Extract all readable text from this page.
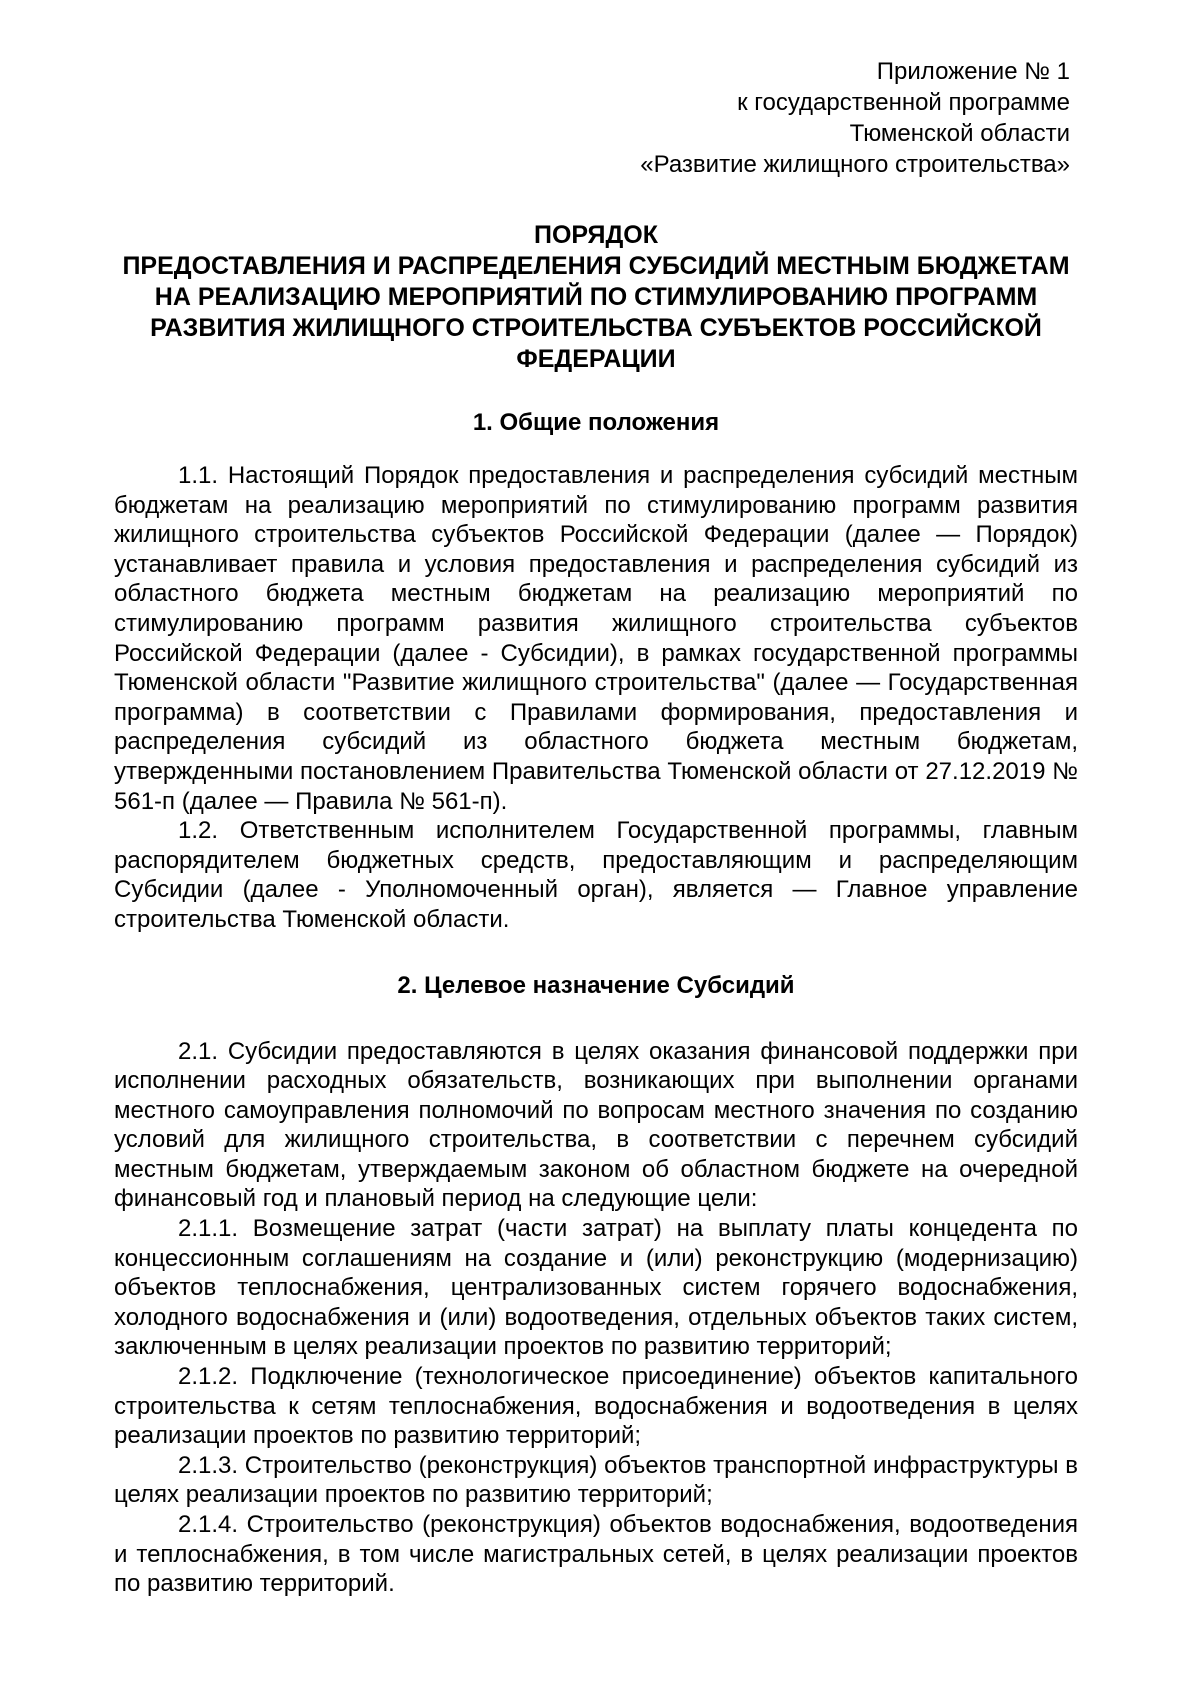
Приложение № 1
к государственной программе
Тюменской области
«Развитие жилищного строительства»
ПОРЯДОК
ПРЕДОСТАВЛЕНИЯ И РАСПРЕДЕЛЕНИЯ СУБСИДИЙ МЕСТНЫМ БЮДЖЕТАМ
НА РЕАЛИЗАЦИЮ МЕРОПРИЯТИЙ ПО СТИМУЛИРОВАНИЮ ПРОГРАММ
РАЗВИТИЯ ЖИЛИЩНОГО СТРОИТЕЛЬСТВА СУБЪЕКТОВ РОССИЙСКОЙ
ФЕДЕРАЦИИ
1. Общие положения

1.1. Настоящий Порядок предоставления и распределения субсидий местным бюджетам на реализацию мероприятий по стимулированию программ развития жилищного строительства субъектов Российской Федерации (далее — Порядок) устанавливает правила и условия предоставления и распределения субсидий из областного бюджета местным бюджетам на реализацию мероприятий по стимулированию программ развития жилищного строительства субъектов Российской Федерации (далее - Субсидии), в рамках государственной программы Тюменской области "Развитие жилищного строительства" (далее — Государственная программа) в соответствии с Правилами формирования, предоставления и распределения субсидий из областного бюджета местным бюджетам, утвержденными постановлением Правительства Тюменской области от 27.12.2019 № 561-п (далее — Правила № 561-п).

1.2. Ответственным исполнителем Государственной программы, главным распорядителем бюджетных средств, предоставляющим и распределяющим Субсидии (далее - Уполномоченный орган), является — Главное управление строительства Тюменской области.

2. Целевое назначение Субсидий

2.1. Субсидии предоставляются в целях оказания финансовой поддержки при исполнении расходных обязательств, возникающих при выполнении органами местного самоуправления полномочий по вопросам местного значения по созданию условий для жилищного строительства, в соответствии с перечнем субсидий местным бюджетам, утверждаемым законом об областном бюджете на очередной финансовый год и плановый период на следующие цели:

2.1.1. Возмещение затрат (части затрат) на выплату платы концедента по концессионным соглашениям на создание и (или) реконструкцию (модернизацию) объектов теплоснабжения, централизованных систем горячего водоснабжения, холодного водоснабжения и (или) водоотведения, отдельных объектов таких систем, заключенным в целях реализации проектов по развитию территорий;

2.1.2. Подключение (технологическое присоединение) объектов капитального строительства к сетям теплоснабжения, водоснабжения и водоотведения в целях реализации проектов по развитию территорий;

2.1.3. Строительство (реконструкция) объектов транспортной инфраструктуры в целях реализации проектов по развитию территорий;

2.1.4. Строительство (реконструкция) объектов водоснабжения, водоотведения и теплоснабжения, в том числе магистральных сетей, в целях реализации проектов по развитию территорий.
